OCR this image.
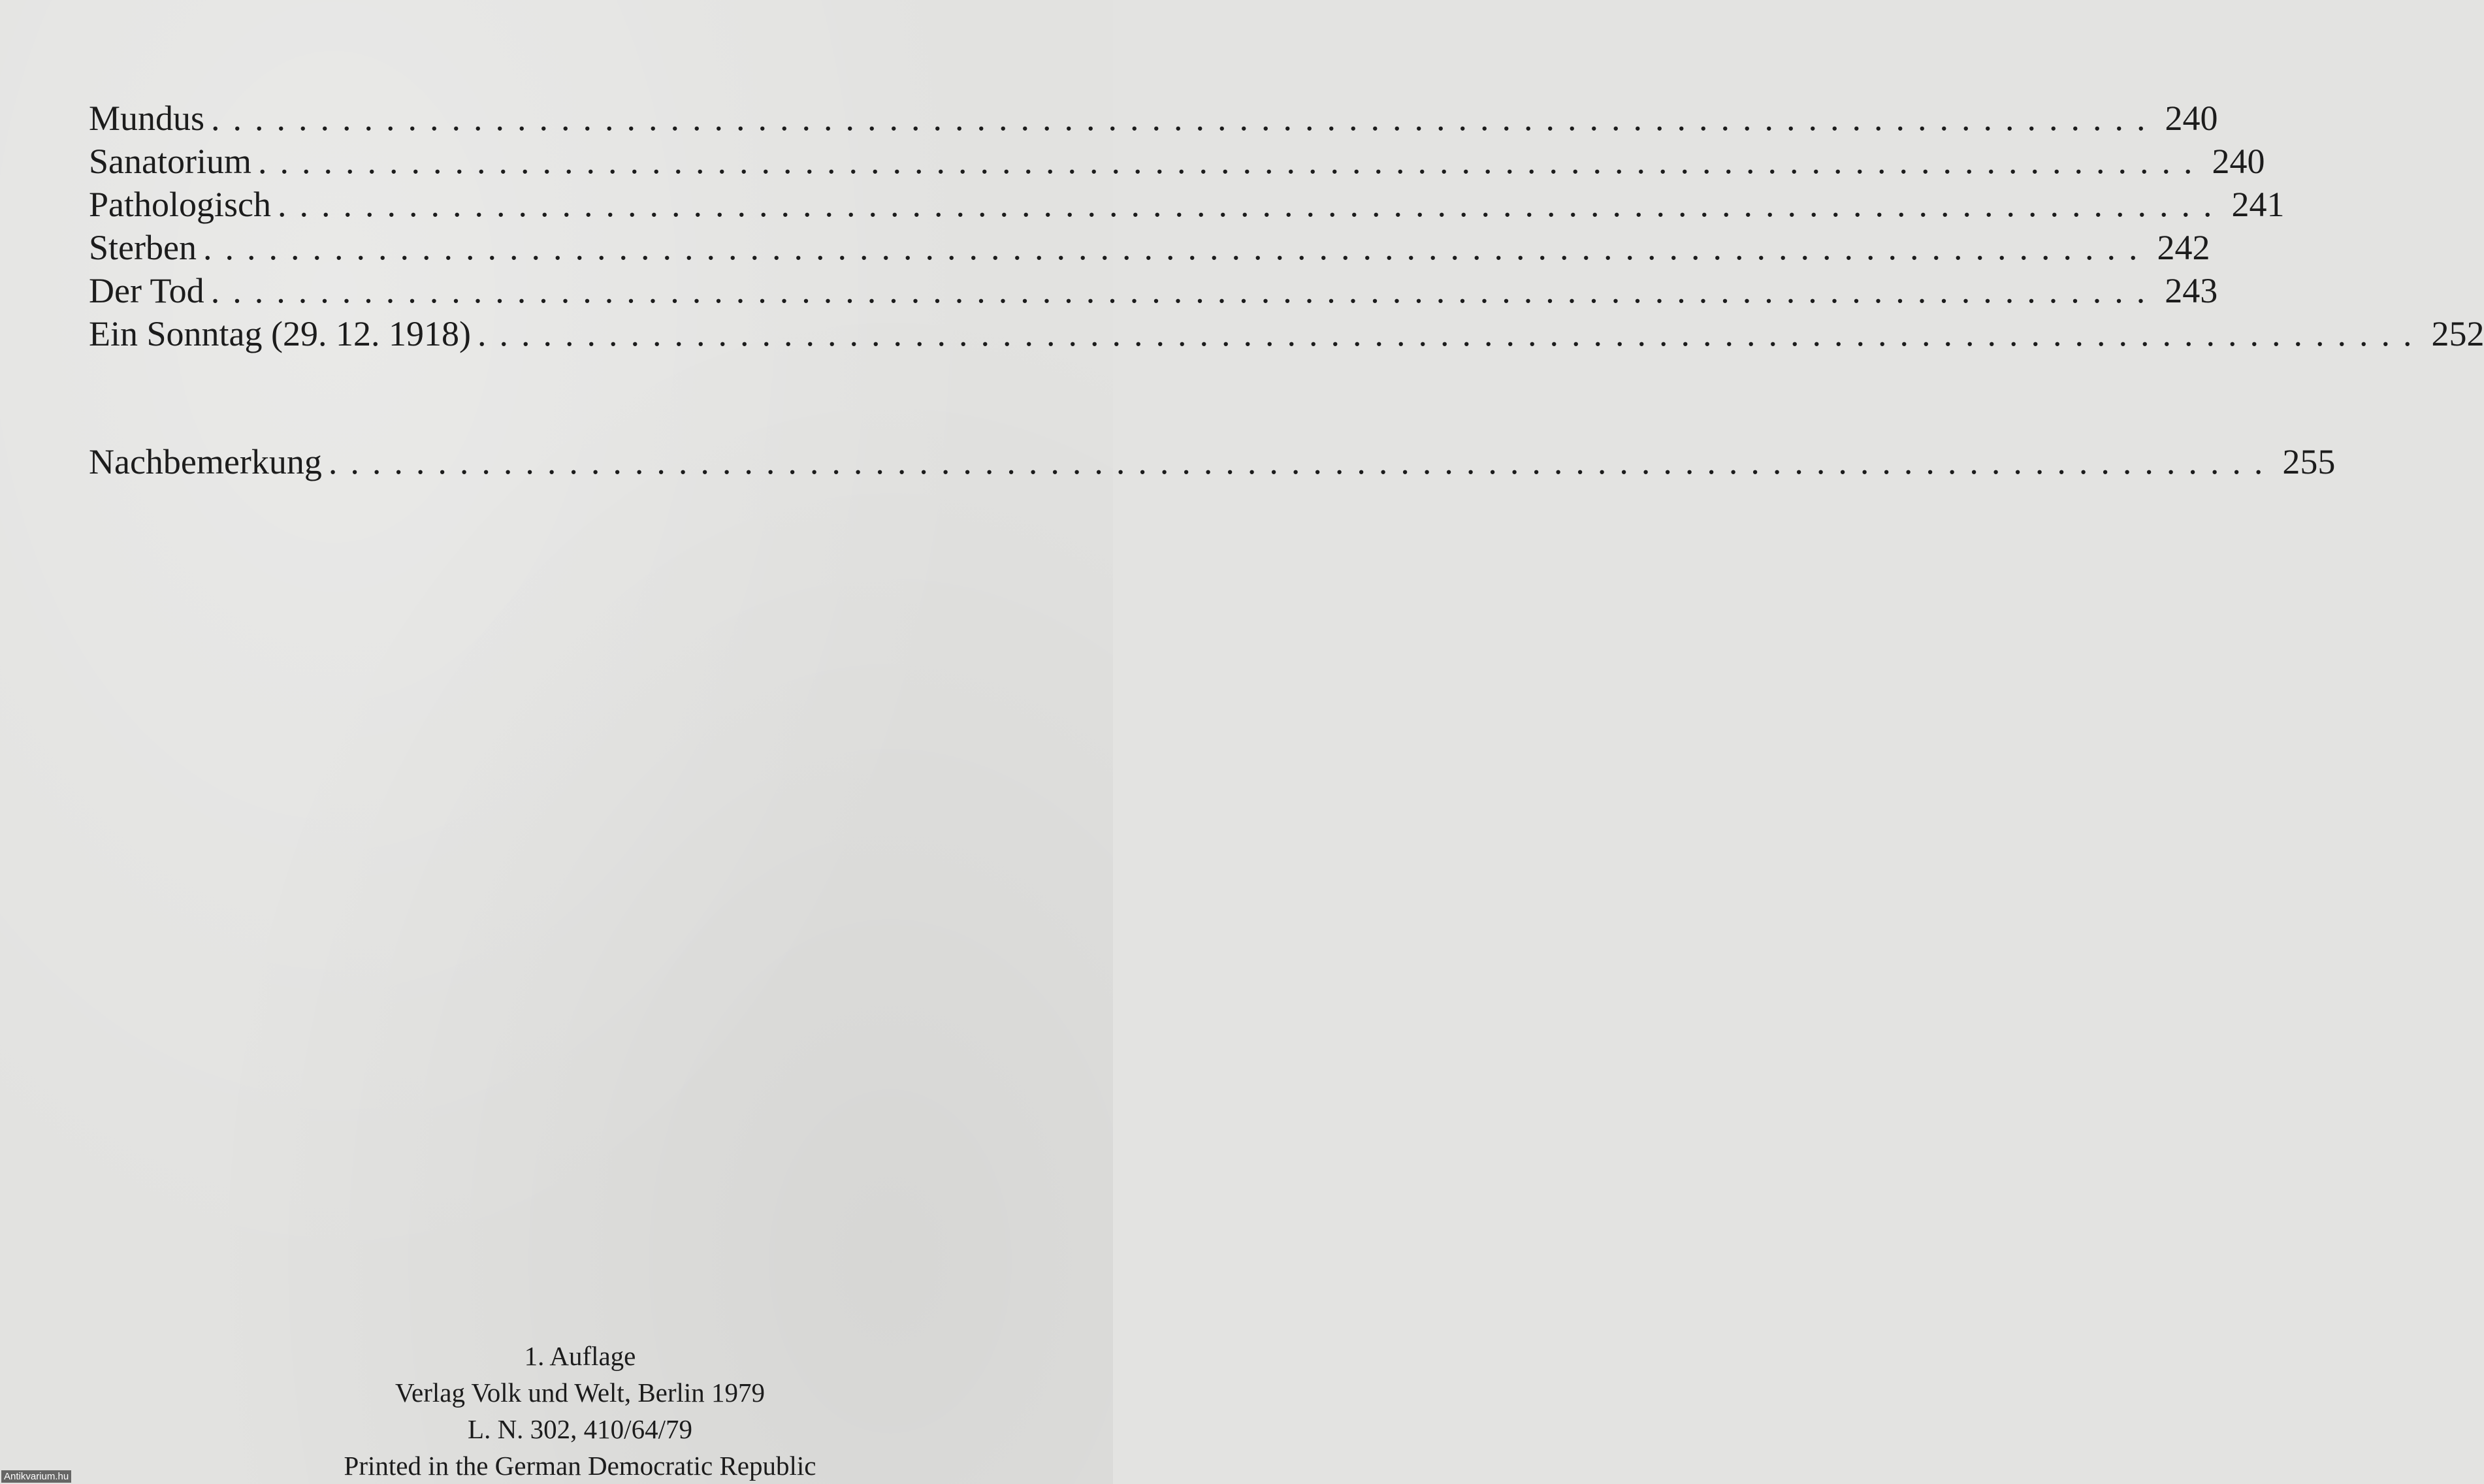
Mundus ......................................................................................... 240
Sanatorium ......................................................................................... 240
Pathologisch ......................................................................................... 241
Sterben ......................................................................................... 242
Der Tod ......................................................................................... 243
Ein Sonntag (29. 12. 1918) ......................................................................................... 252
Nachbemerkung ......................................................................................... 255
1. Auflage
Verlag Volk und Welt, Berlin 1979
L. N. 302, 410/64/79
Printed in the German Democratic Republic
Antikvarium.hu
